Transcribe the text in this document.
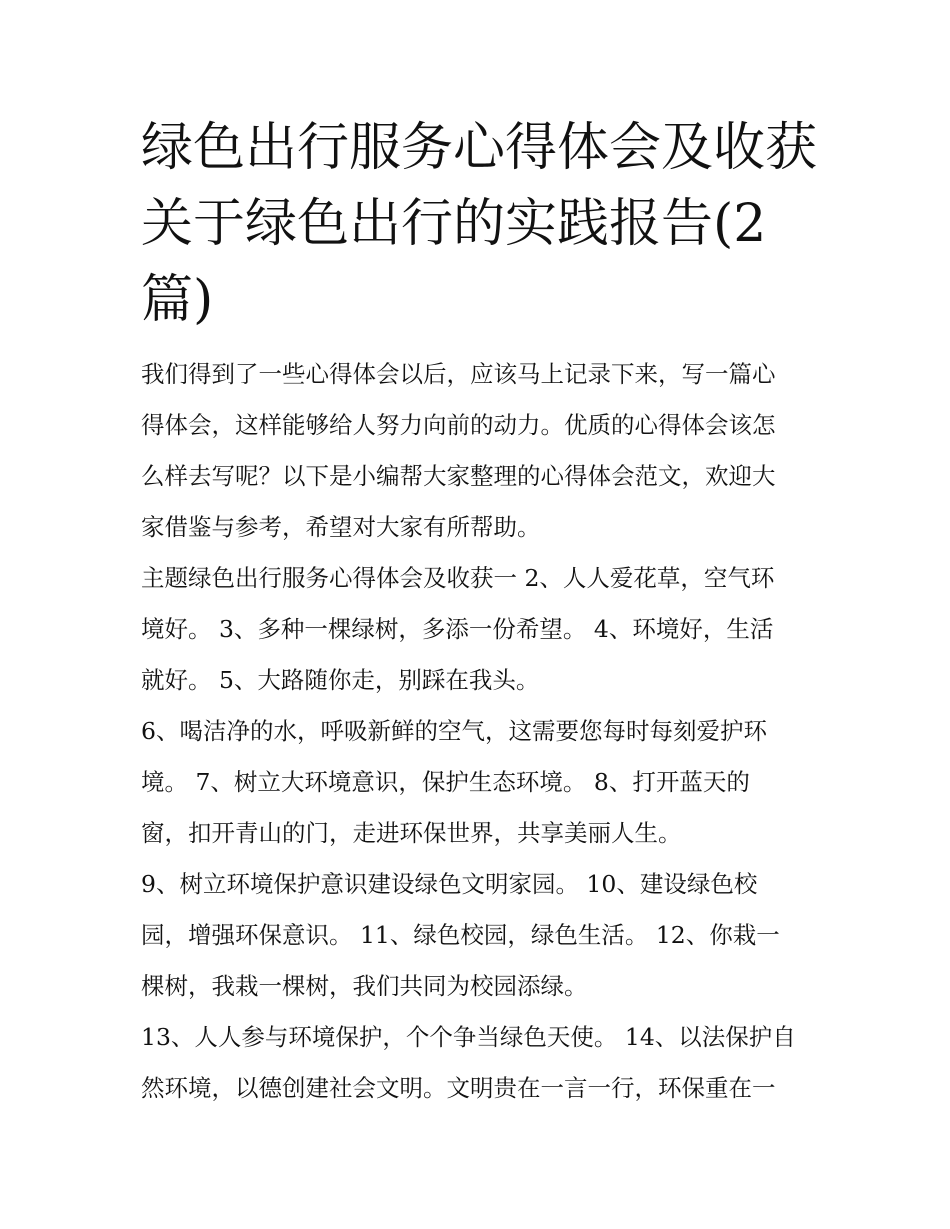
绿色出行服务心得体会及收获
关于绿色出行的实践报告(2
篇)

我们得到了一些心得体会以后，应该马上记录下来，写一篇心
得体会，这样能够给人努力向前的动力。优质的心得体会该怎
么样去写呢？以下是小编帮大家整理的心得体会范文，欢迎大
家借鉴与参考，希望对大家有所帮助。

主题绿色出行服务心得体会及收获一 2、人人爱花草，空气环
境好。 3、多种一棵绿树，多添一份希望。 4、环境好，生活
就好。 5、大路随你走，别踩在我头。

6、喝洁净的水，呼吸新鲜的空气，这需要您每时每刻爱护环
境。 7、树立大环境意识，保护生态环境。 8、打开蓝天的
窗，扣开青山的门，走进环保世界，共享美丽人生。

9、树立环境保护意识建设绿色文明家园。 10、建设绿色校
园，增强环保意识。 11、绿色校园，绿色生活。 12、你栽一
棵树，我栽一棵树，我们共同为校园添绿。

13、人人参与环境保护，个个争当绿色天使。 14、以法保护自
然环境，以德创建社会文明。文明贵在一言一行，环保重在一
